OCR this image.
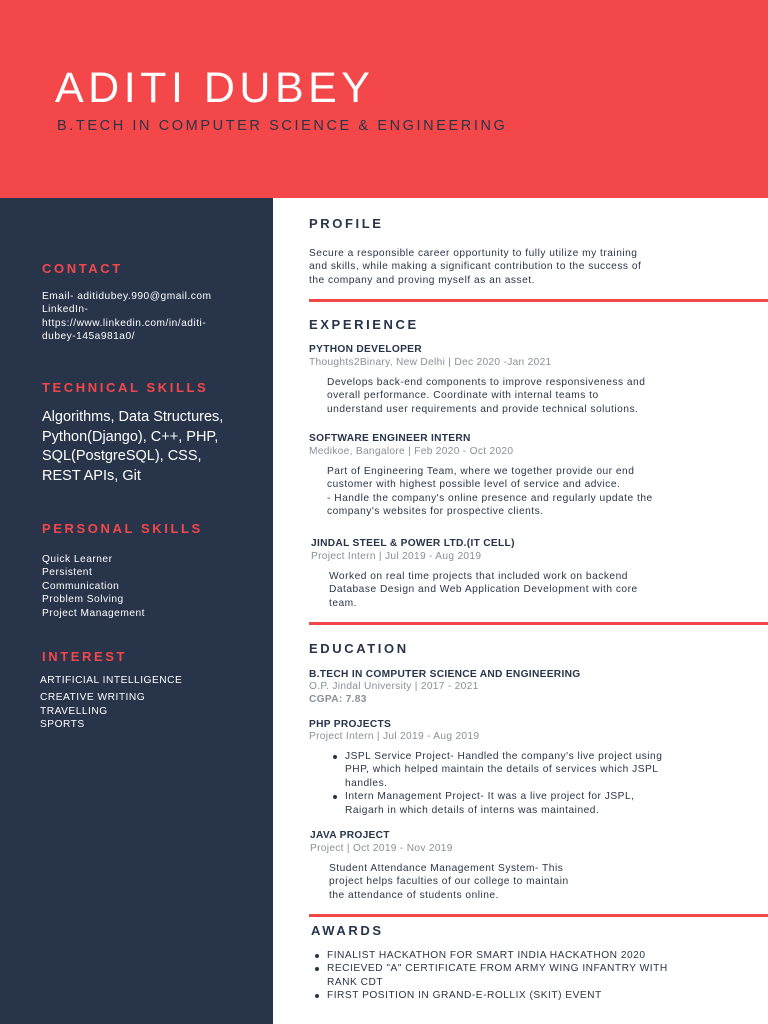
ADITI DUBEY

B.TECH IN COMPUTER SCIENCE & ENGINEERING

CONTACT
Email- aditidubey.990@gmail.com
LinkedIn-
https://www.linkedin.com/in/aditi-
dubey-145a981a0/
TECHNICAL SKILLS
Algorithms, Data Structures,
Python(Django), C++, PHP,
SQL(PostgreSQL), CSS,
REST APIs, Git
PERSONAL SKILLS
Quick Learner
Persistent
Communication
Problem Solving
Project Management
INTEREST
ARTIFICIAL INTELLIGENCE
CREATIVE WRITING
TRAVELLING
SPORTS
PROFILE
Secure a responsible career opportunity to fully utilize my training
and skills, while making a significant contribution to the success of
the company and proving myself as an asset.
EXPERIENCE
PYTHON DEVELOPER
Thoughts2Binary, New Delhi | Dec 2020 -Jan 2021
Develops back-end components to improve responsiveness and
overall performance. Coordinate with internal teams to
understand user requirements and provide technical solutions.
SOFTWARE ENGINEER INTERN
Medikoe, Bangalore | Feb 2020 - Oct 2020
Part of Engineering Team, where we together provide our end
customer with highest possible level of service and advice.
- Handle the company's online presence and regularly update the
company's websites for prospective clients.
JINDAL STEEL & POWER LTD.(IT CELL)
Project Intern | Jul 2019 - Aug 2019
Worked on real time projects that included work on backend
Database Design and Web Application Development with core
team.
EDUCATION
B.TECH IN COMPUTER SCIENCE AND ENGINEERING
O.P. Jindal University | 2017 - 2021
CGPA: 7.83
PHP PROJECTS
Project Intern | Jul 2019 - Aug 2019
JSPL Service Project- Handled the company's live project using
PHP, which helped maintain the details of services which JSPL
handles.
Intern Management Project- It was a live project for JSPL,
Raigarh in which details of interns was maintained.
JAVA PROJECT
Project | Oct 2019 - Nov 2019
Student Attendance Management System- This
project helps faculties of our college to maintain
the attendance of students online.
AWARDS
FINALIST HACKATHON FOR SMART INDIA HACKATHON 2020
RECIEVED "A" CERTIFICATE FROM ARMY WING INFANTRY WITH
RANK CDT
FIRST POSITION IN GRAND-E-ROLLIX (SKIT) EVENT
